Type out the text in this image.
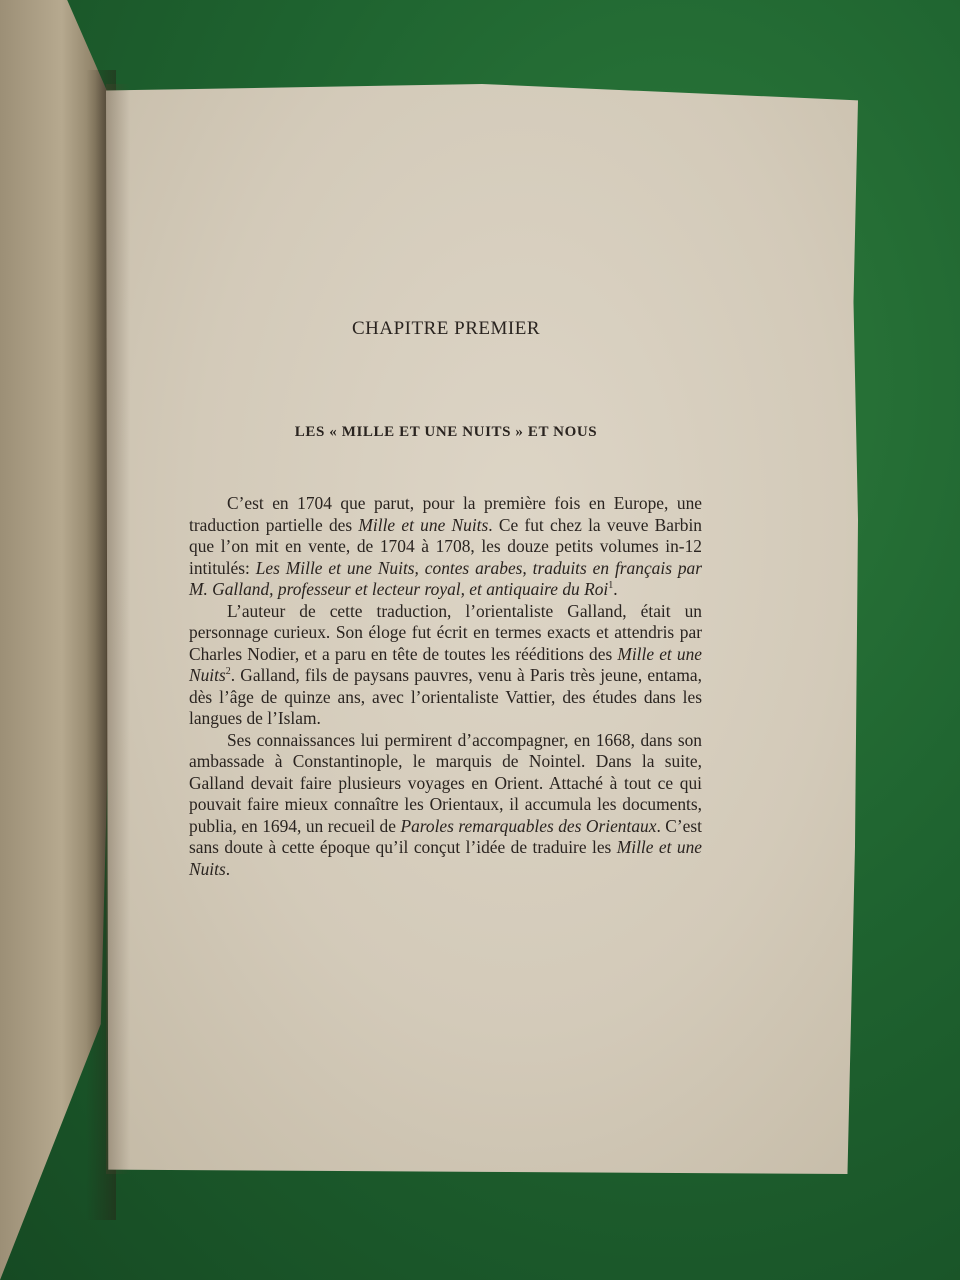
CHAPITRE PREMIER
LES « MILLE ET UNE NUITS » ET NOUS

C’est en 1704 que parut, pour la première fois en Europe, une traduction partielle des Mille et une Nuits. Ce fut chez la veuve Barbin que l’on mit en vente, de 1704 à 1708, les douze petits volumes in-12 intitulés: Les Mille et une Nuits, contes arabes, traduits en français par M. Galland, professeur et lecteur royal, et antiquaire du Roi$^1$.

L’auteur de cette traduction, l’orientaliste Galland, était un personnage curieux. Son éloge fut écrit en termes exacts et attendris par Charles Nodier, et a paru en tête de toutes les rééditions des Mille et une Nuits$^2$. Galland, fils de paysans pauvres, venu à Paris très jeune, entama, dès l’âge de quinze ans, avec l’orientaliste Vattier, des études dans les langues de l’Islam.

Ses connaissances lui permirent d’accompagner, en 1668, dans son ambassade à Constantinople, le marquis de Nointel. Dans la suite, Galland devait faire plusieurs voyages en Orient. Attaché à tout ce qui pouvait faire mieux connaître les Orientaux, il accumula les documents, publia, en 1694, un recueil de Paroles remarquables des Orientaux. C’est sans doute à cette époque qu’il conçut l’idée de traduire les Mille et une Nuits.
